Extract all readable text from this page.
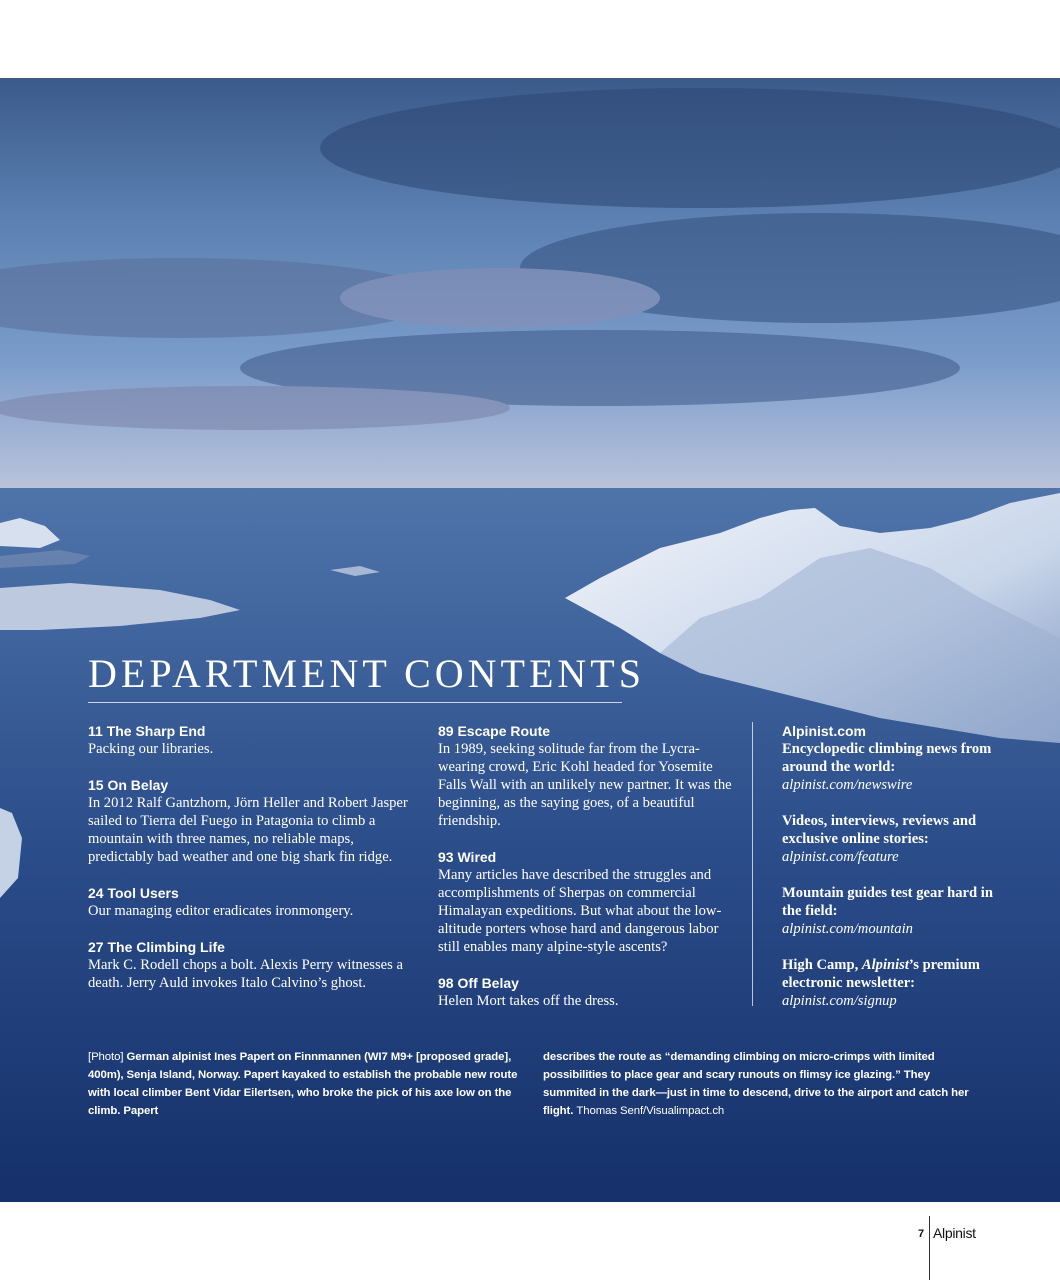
DEPARTMENT CONTENTS
11 The Sharp End
Packing our libraries.
15 On Belay
In 2012 Ralf Gantzhorn, Jörn Heller and Robert Jasper sailed to Tierra del Fuego in Patagonia to climb a mountain with three names, no reliable maps, predictably bad weather and one big shark fin ridge.
24 Tool Users
Our managing editor eradicates ironmongery.
27 The Climbing Life
Mark C. Rodell chops a bolt. Alexis Perry witnesses a death. Jerry Auld invokes Italo Calvino’s ghost.
89 Escape Route
In 1989, seeking solitude far from the Lycra-wearing crowd, Eric Kohl headed for Yosemite Falls Wall with an unlikely new partner. It was the beginning, as the saying goes, of a beautiful friendship.
93 Wired
Many articles have described the struggles and accomplishments of Sherpas on commercial Himalayan expeditions. But what about the low-altitude porters whose hard and dangerous labor still enables many alpine-style ascents?
98 Off Belay
Helen Mort takes off the dress.
Alpinist.com
Encyclopedic climbing news from around the world:
alpinist.com/newswire
Videos, interviews, reviews and exclusive online stories:
alpinist.com/feature
Mountain guides test gear hard in the field:
alpinist.com/mountain
High Camp, Alpinist’s premium electronic newsletter:
alpinist.com/signup
[Photo] German alpinist Ines Papert on Finnmannen (WI7 M9+ [proposed grade], 400m), Senja Island, Norway. Papert kayaked to establish the probable new route with local climber Bent Vidar Eilertsen, who broke the pick of his axe low on the climb. Papert
describes the route as “demanding climbing on micro-crimps with limited possibilities to place gear and scary runouts on flimsy ice glazing.” They summited in the dark—just in time to descend, drive to the airport and catch her flight. Thomas Senf/Visualimpact.ch
7 Alpinist
